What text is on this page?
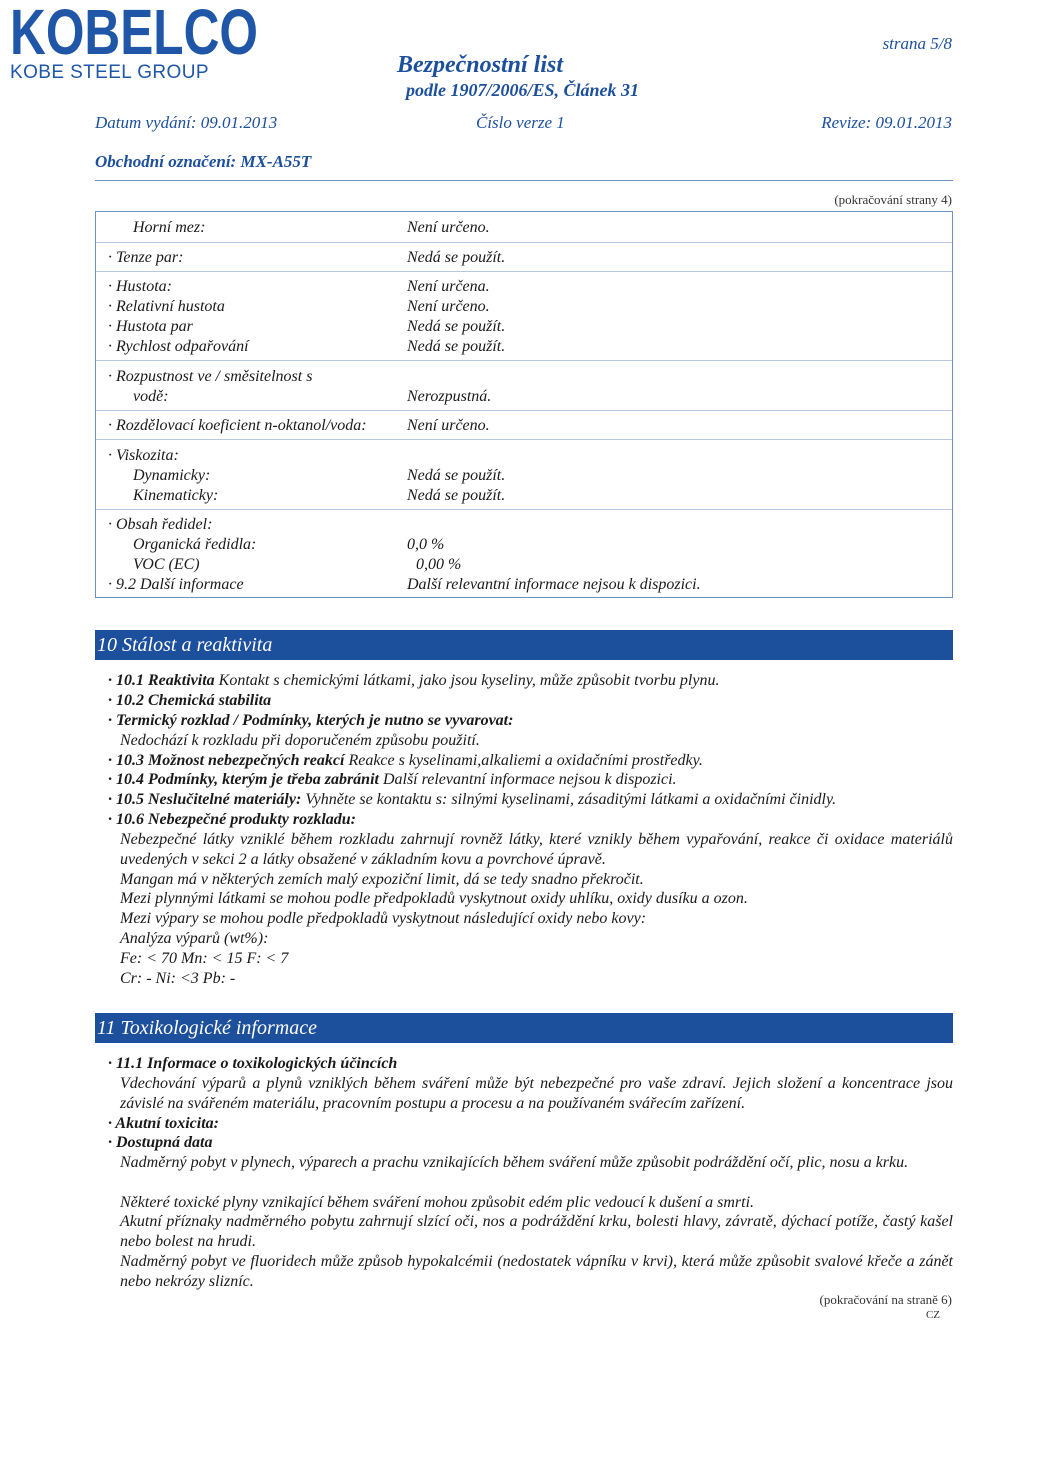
KOBELCO
KOBE STEEL GROUP
strana 5/8
Bezpečnostní list
podle 1907/2006/ES, Článek 31
Datum vydání: 09.01.2013	Číslo verze 1	Revize: 09.01.2013
Obchodní označení: MX-A55T
(pokračování strany 4)
Horní mez:	Není určeno.
· Tenze par:	Nedá se použít.
· Hustota:	Není určena.
· Relativní hustota	Není určeno.
· Hustota par	Nedá se použít.
· Rychlost odpařování	Nedá se použít.
· Rozpustnost ve / směsitelnost s
vodě:	Nerozpustná.
· Rozdělovací koeficient n-oktanol/voda:	Není určeno.
· Viskozita:
Dynamicky:	Nedá se použít.
Kinematicky:	Nedá se použít.
· Obsah ředidel:
Organická ředidla:	0,0 %
VOC (EC)	0,00 %
· 9.2 Další informace	Další relevantní informace nejsou k dispozici.
10 Stálost a reaktivita
· 10.1 Reaktivita Kontakt s chemickými látkami, jako jsou kyseliny, může způsobit tvorbu plynu.
· 10.2 Chemická stabilita
· Termický rozklad / Podmínky, kterých je nutno se vyvarovat:
Nedochází k rozkladu při doporučeném způsobu použití.
· 10.3 Možnost nebezpečných reakcí Reakce s kyselinami,alkaliemi a oxidačními prostředky.
· 10.4 Podmínky, kterým je třeba zabránit Další relevantní informace nejsou k dispozici.
· 10.5 Neslučitelné materiály: Vyhněte se kontaktu s: silnými kyselinami, zásaditými látkami a oxidačními činidly.
· 10.6 Nebezpečné produkty rozkladu:
Nebezpečné látky vzniklé během rozkladu zahrnují rovněž látky, které vznikly během vypařování, reakce či oxidace materiálů uvedených v sekci 2 a látky obsažené v základním kovu a povrchové úpravě.
Mangan má v některých zemích malý expoziční limit, dá se tedy snadno překročit.
Mezi plynnými látkami se mohou podle předpokladů vyskytnout oxidy uhlíku, oxidy dusíku a ozon.
Mezi výpary se mohou podle předpokladů vyskytnout následující oxidy nebo kovy:
Analýza výparů (wt%):
Fe: < 70 Mn: < 15 F: < 7
Cr: - Ni: <3 Pb: -
11 Toxikologické informace
· 11.1 Informace o toxikologických účincích
Vdechování výparů a plynů vzniklých během sváření může být nebezpečné pro vaše zdraví. Jejich složení a koncentrace jsou závislé na svářeném materiálu, pracovním postupu a procesu a na používaném svářecím zařízení.
· Akutní toxicita:
· Dostupná data
Nadměrný pobyt v plynech, výparech a prachu vznikajících během sváření může způsobit podráždění očí, plic, nosu a krku.
Některé toxické plyny vznikající během sváření mohou způsobit edém plic vedoucí k dušení a smrti.
Akutní příznaky nadměrného pobytu zahrnují slzící oči, nos a podráždění krku, bolesti hlavy, závratě, dýchací potíže, častý kašel nebo bolest na hrudi.
Nadměrný pobyt ve fluoridech může způsob hypokalcémii (nedostatek vápníku v krvi), která může způsobit svalové křeče a zánět nebo nekrózy slizníc.
(pokračování na straně 6)
CZ
